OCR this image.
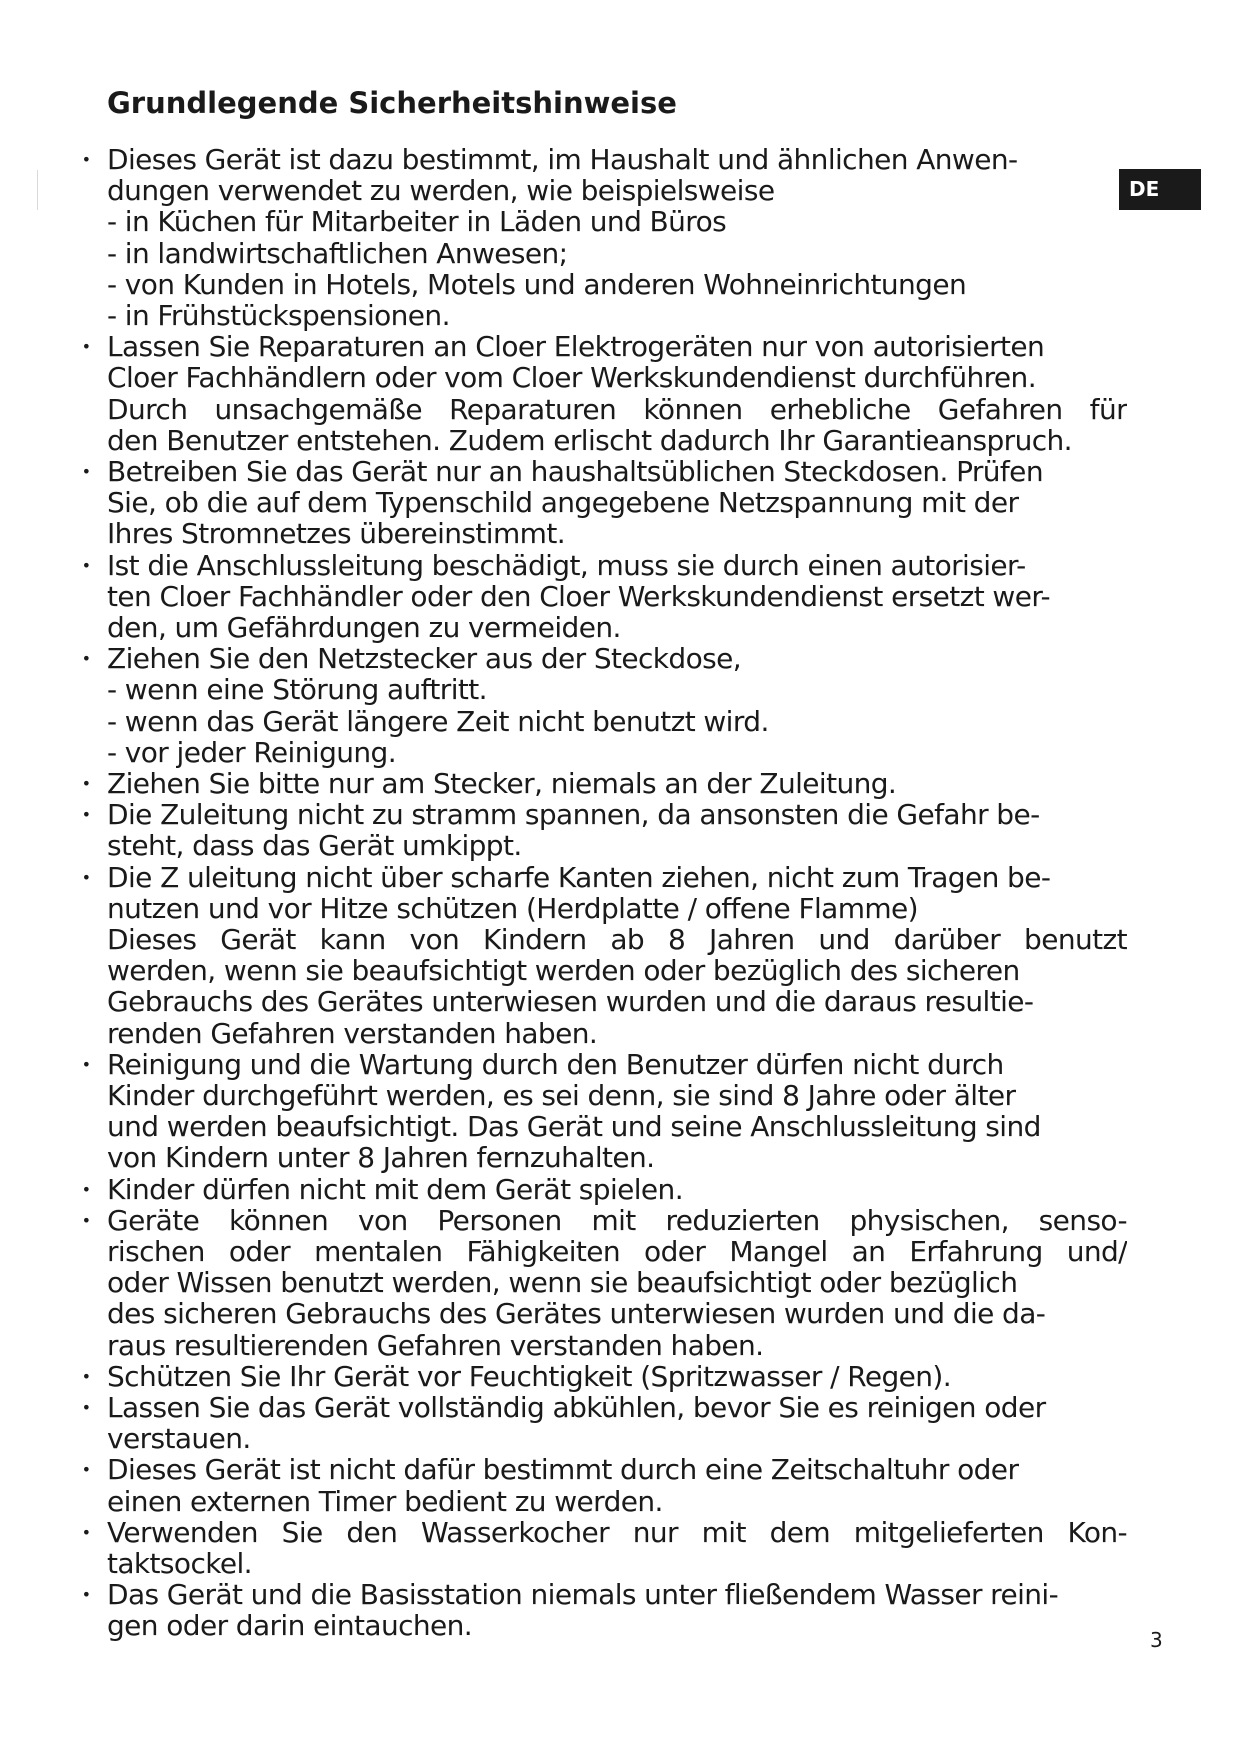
Grundlegende Sicherheitshinweise
DE
• Dieses Gerät ist dazu bestimmt, im Haushalt und ähnlichen Anwen-
dungen verwendet zu werden, wie beispielsweise
- in Küchen für Mitarbeiter in Läden und Büros
- in landwirtschaftlichen Anwesen;
- von Kunden in Hotels, Motels und anderen Wohneinrichtungen
- in Frühstückspensionen.
• Lassen Sie Reparaturen an Cloer Elektrogeräten nur von autorisierten
Cloer Fachhändlern oder vom Cloer Werkskundendienst durchführen.
Durch unsachgemäße Reparaturen können erhebliche Gefahren für
den Benutzer entstehen. Zudem erlischt dadurch Ihr Garantieanspruch.
• Betreiben Sie das Gerät nur an haushaltsüblichen Steckdosen. Prüfen
Sie, ob die auf dem Typenschild angegebene Netzspannung mit der
Ihres Stromnetzes übereinstimmt.
• Ist die Anschlussleitung beschädigt, muss sie durch einen autorisier-
ten Cloer Fachhändler oder den Cloer Werkskundendienst ersetzt wer-
den, um Gefährdungen zu vermeiden.
• Ziehen Sie den Netzstecker aus der Steckdose,
- wenn eine Störung auftritt.
- wenn das Gerät längere Zeit nicht benutzt wird.
- vor jeder Reinigung.
• Ziehen Sie bitte nur am Stecker, niemals an der Zuleitung.
• Die Zuleitung nicht zu stramm spannen, da ansonsten die Gefahr be-
steht, dass das Gerät umkippt.
• Die Z uleitung nicht über scharfe Kanten ziehen, nicht zum Tragen be-
nutzen und vor Hitze schützen (Herdplatte / offene Flamme)
Dieses Gerät kann von Kindern ab 8 Jahren und darüber benutzt
werden, wenn sie beaufsichtigt werden oder bezüglich des sicheren
Gebrauchs des Gerätes unterwiesen wurden und die daraus resultie-
renden Gefahren verstanden haben.
• Reinigung und die Wartung durch den Benutzer dürfen nicht durch
Kinder durchgeführt werden, es sei denn, sie sind 8 Jahre oder älter
und werden beaufsichtigt. Das Gerät und seine Anschlussleitung sind
von Kindern unter 8 Jahren fernzuhalten.
• Kinder dürfen nicht mit dem Gerät spielen.
• Geräte können von Personen mit reduzierten physischen, senso-
rischen oder mentalen Fähigkeiten oder Mangel an Erfahrung und/
oder Wissen benutzt werden, wenn sie beaufsichtigt oder bezüglich
des sicheren Gebrauchs des Gerätes unterwiesen wurden und die da-
raus resultierenden Gefahren verstanden haben.
• Schützen Sie Ihr Gerät vor Feuchtigkeit (Spritzwasser / Regen).
• Lassen Sie das Gerät vollständig abkühlen, bevor Sie es reinigen oder
verstauen.
• Dieses Gerät ist nicht dafür bestimmt durch eine Zeitschaltuhr oder
einen externen Timer bedient zu werden.
• Verwenden Sie den Wasserkocher nur mit dem mitgelieferten Kon-
taktsockel.
• Das Gerät und die Basisstation niemals unter fließendem Wasser reini-
gen oder darin eintauchen.	3
